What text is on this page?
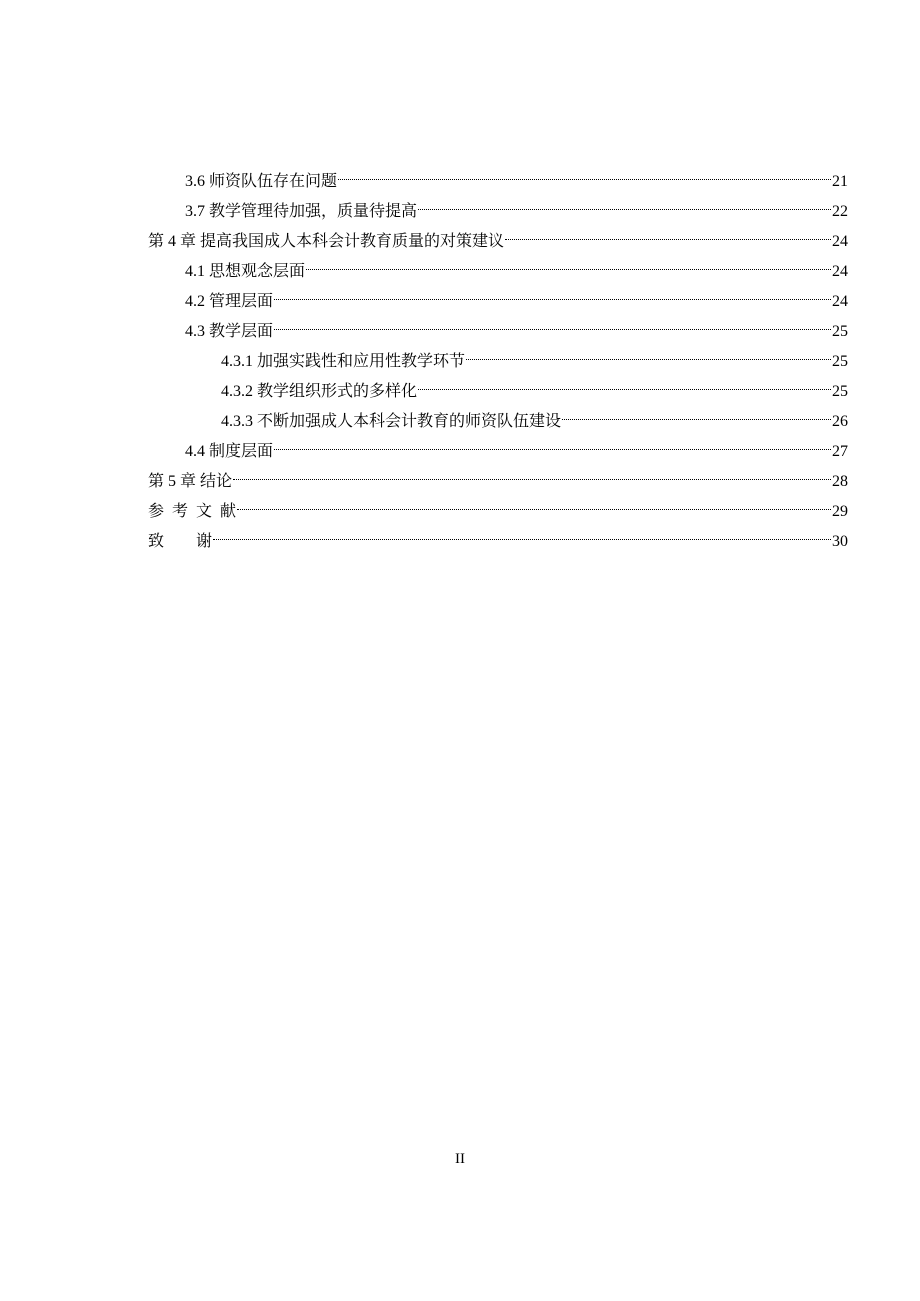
3.6 师资队伍存在问题	21
3.7 教学管理待加强，质量待提高	22
第 4 章 提高我国成人本科会计教育质量的对策建议	24
4.1 思想观念层面	24
4.2 管理层面	24
4.3 教学层面	25
4.3.1 加强实践性和应用性教学环节	25
4.3.2 教学组织形式的多样化	25
4.3.3 不断加强成人本科会计教育的师资队伍建设	26
4.4 制度层面	27
第 5 章 结论	28
参  考  文  献	29
致        谢	30
II
